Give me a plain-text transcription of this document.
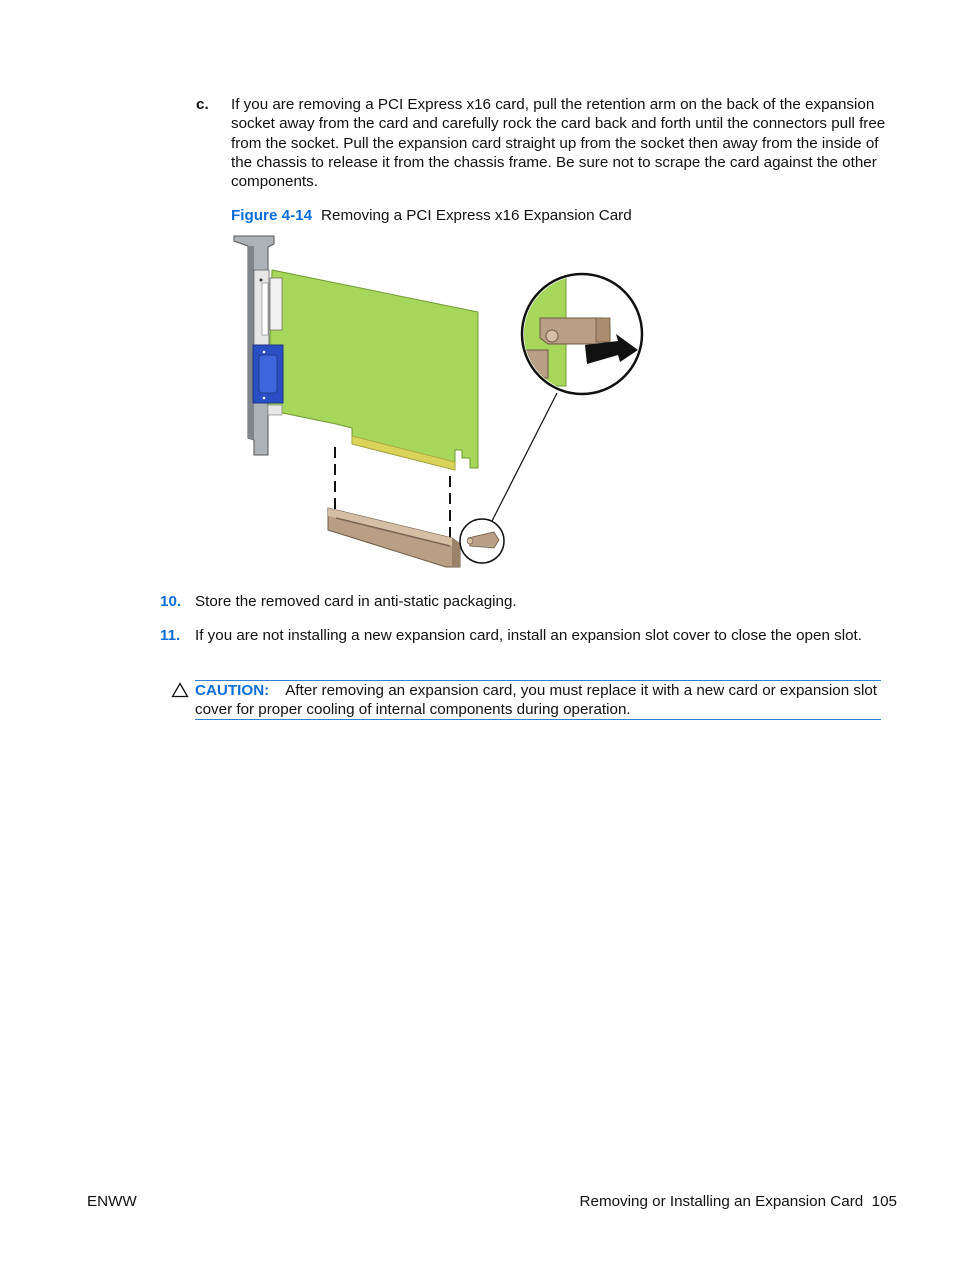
c. If you are removing a PCI Express x16 card, pull the retention arm on the back of the expansion socket away from the card and carefully rock the card back and forth until the connectors pull free from the socket. Pull the expansion card straight up from the socket then away from the inside of the chassis to release it from the chassis frame. Be sure not to scrape the card against the other components.
Figure 4-14 Removing a PCI Express x16 Expansion Card
10. Store the removed card in anti-static packaging.
11. If you are not installing a new expansion card, install an expansion slot cover to close the open slot.
CAUTION: After removing an expansion card, you must replace it with a new card or expansion slot cover for proper cooling of internal components during operation.
ENWW	Removing or Installing an Expansion Card 105
